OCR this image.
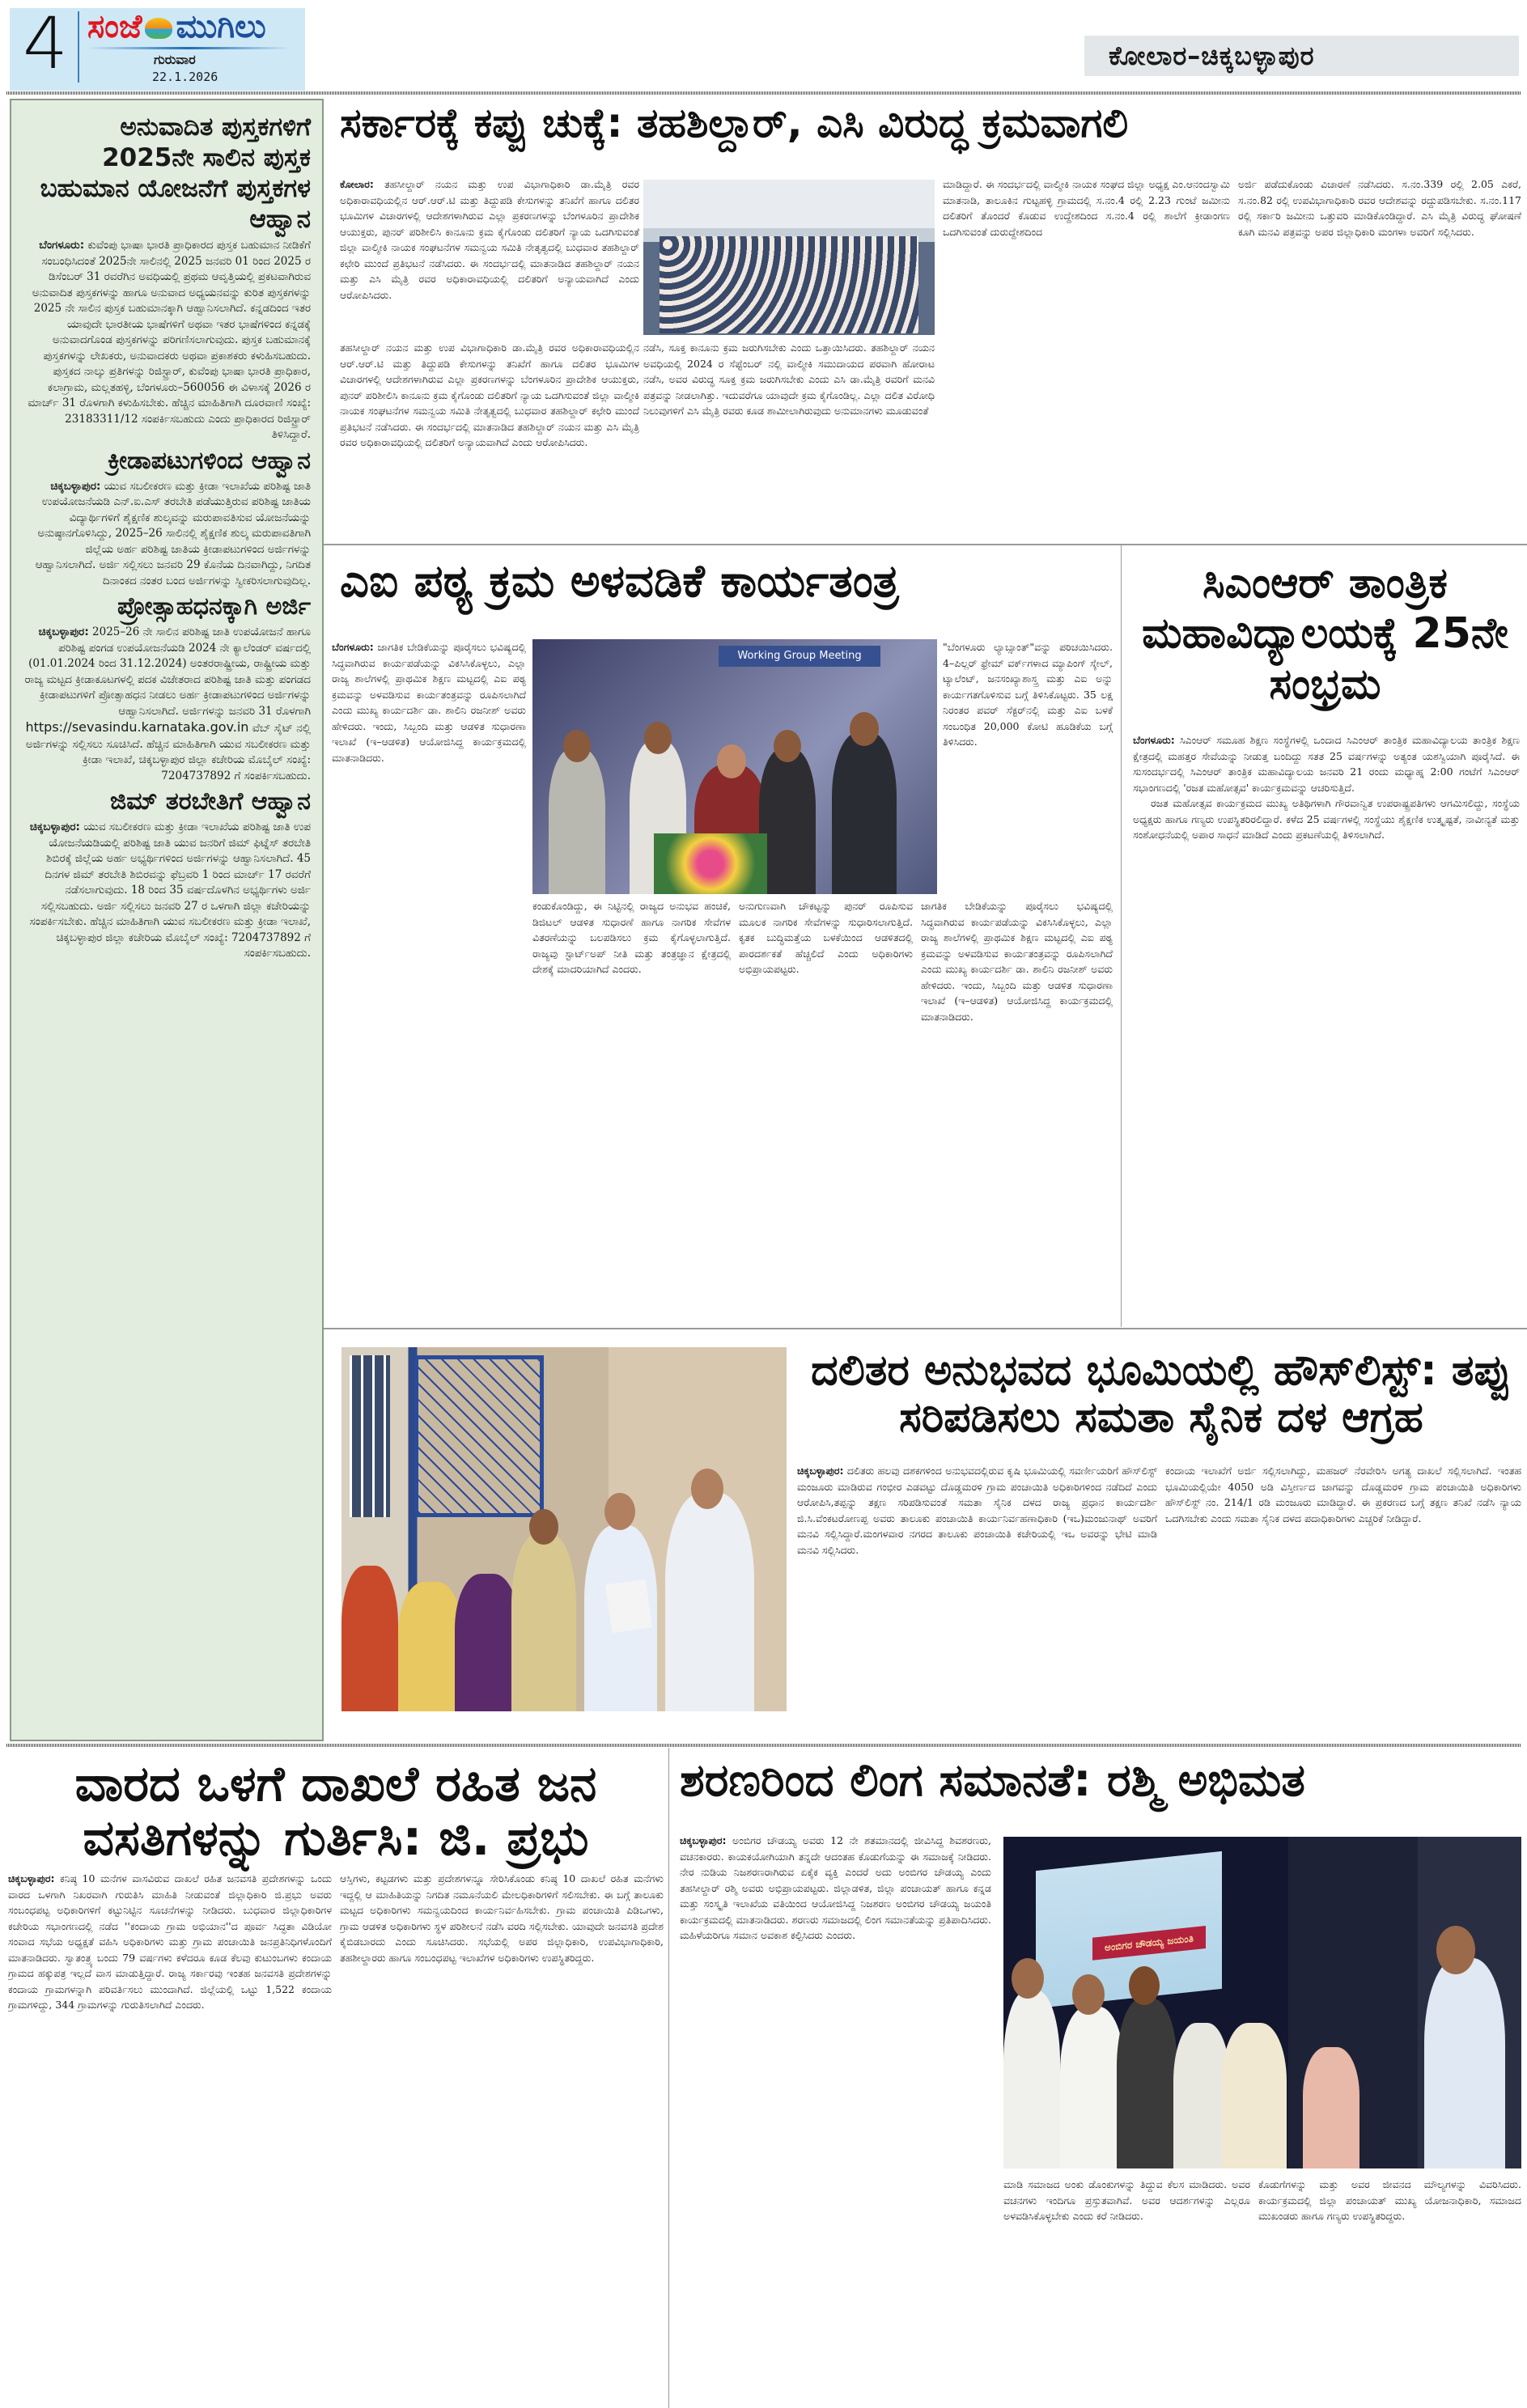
4 ಸಂಜೆ ಮುಗಿಲು
ಗುರುವಾರ
22.1.2026
ಕೋಲಾರ–ಚಿಕ್ಕಬಳ್ಳಾಪುರ
ಅನುವಾದಿತ ಪುಸ್ತಕಗಳಿಗೆ 2025ನೇ ಸಾಲಿನ ಪುಸ್ತಕ ಬಹುಮಾನ ಯೋಜನೆಗೆ ಪುಸ್ತಕಗಳ ಆಹ್ವಾನ
ಬೆಂಗಳೂರು: ಕುವೆಂಪು ಭಾಷಾ ಭಾರತಿ ಪ್ರಾಧಿಕಾರದ ಪುಸ್ತಕ ಬಹುಮಾನ ನೀಡಿಕೆಗೆ ಸಂಬಂಧಿಸಿದಂತೆ 2025ನೇ ಸಾಲಿನಲ್ಲಿ 2025 ಜನವರಿ 01 ರಿಂದ 2025 ರ ಡಿಸೆಂಬರ್ 31 ರವರೆಗಿನ ಅವಧಿಯಲ್ಲಿ ಪ್ರಥಮ ಆವೃತ್ತಿಯಲ್ಲಿ ಪ್ರಕಟವಾಗಿರುವ ಅನುವಾದಿತ ಪುಸ್ತಕಗಳನ್ನು ಹಾಗೂ ಅನುವಾದ ಅಧ್ಯಯನವನ್ನು ಕುರಿತ ಪುಸ್ತಕಗಳನ್ನು 2025 ನೇ ಸಾಲಿನ ಪುಸ್ತಕ ಬಹುಮಾನಕ್ಕಾಗಿ ಆಹ್ವಾನಿಸಲಾಗಿದೆ. ಕನ್ನಡದಿಂದ ಇತರ ಯಾವುದೇ ಭಾರತೀಯ ಭಾಷೆಗಳಿಗೆ ಅಥವಾ ಇತರ ಭಾಷೆಗಳಿಂದ ಕನ್ನಡಕ್ಕೆ ಅನುವಾದಗೊಂಡ ಪುಸ್ತಕಗಳನ್ನು ಪರಿಗಣಿಸಲಾಗುವುದು. ಪುಸ್ತಕ ಬಹುಮಾನಕ್ಕೆ ಪುಸ್ತಕಗಳನ್ನು ಲೇಖಕರು, ಅನುವಾದಕರು ಅಥವಾ ಪ್ರಕಾಶಕರು ಕಳುಹಿಸಬಹುದು. ಪುಸ್ತಕದ ನಾಲ್ಕು ಪ್ರತಿಗಳನ್ನು ರಿಜಿಸ್ಟ್ರಾರ್, ಕುವೆಂಪು ಭಾಷಾ ಭಾರತಿ ಪ್ರಾಧಿಕಾರ, ಕಲಾಗ್ರಾಮ, ಮಲ್ಲತಹಳ್ಳಿ, ಬೆಂಗಳೂರು–560056 ಈ ವಿಳಾಸಕ್ಕೆ 2026 ರ ಮಾರ್ಚ್ 31 ರೊಳಗಾಗಿ ಕಳುಹಿಸಬೇಕು. ಹೆಚ್ಚಿನ ಮಾಹಿತಿಗಾಗಿ ದೂರವಾಣಿ ಸಂಖ್ಯೆ: 23183311/12 ಸಂಪರ್ಕಿಸಬಹುದು ಎಂದು ಪ್ರಾಧಿಕಾರದ ರಿಜಿಸ್ಟ್ರಾರ್ ತಿಳಿಸಿದ್ದಾರೆ.
ಕ್ರೀಡಾಪಟುಗಳಿಂದ ಆಹ್ವಾನ
ಚಿಕ್ಕಬಳ್ಳಾಪುರ: ಯುವ ಸಬಲೀಕರಣ ಮತ್ತು ಕ್ರೀಡಾ ಇಲಾಖೆಯ ಪರಿಶಿಷ್ಟ ಜಾತಿ ಉಪಯೋಜನೆಯಡಿ ಎನ್.ಐ.ಎಸ್ ತರಬೇತಿ ಪಡೆಯುತ್ತಿರುವ ಪರಿಶಿಷ್ಟ ಜಾತಿಯ ವಿದ್ಯಾರ್ಥಿಗಳಿಗೆ ಶೈಕ್ಷಣಿಕ ಶುಲ್ಕವನ್ನು ಮರುಪಾವತಿಸುವ ಯೋಜನೆಯನ್ನು ಅನುಷ್ಠಾನಗೊಳಿಸಿದ್ದು, 2025–26 ಸಾಲಿನಲ್ಲಿ ಶೈಕ್ಷಣಿಕ ಶುಲ್ಕ ಮರುಪಾವತಿಗಾಗಿ ಜಿಲ್ಲೆಯ ಅರ್ಹ ಪರಿಶಿಷ್ಟ ಜಾತಿಯ ಕ್ರೀಡಾಪಟುಗಳಿಂದ ಅರ್ಜಿಗಳನ್ನು ಆಹ್ವಾನಿಸಲಾಗಿದೆ. ಅರ್ಜಿ ಸಲ್ಲಿಸಲು ಜನವರಿ 29 ಕೊನೆಯ ದಿನವಾಗಿದ್ದು, ನಿಗದಿತ ದಿನಾಂಕದ ನಂತರ ಬಂದ ಅರ್ಜಿಗಳನ್ನು ಸ್ವೀಕರಿಸಲಾಗುವುದಿಲ್ಲ.
ಪ್ರೋತ್ಸಾಹಧನಕ್ಕಾಗಿ ಅರ್ಜಿ
ಚಿಕ್ಕಬಳ್ಳಾಪುರ: 2025–26 ನೇ ಸಾಲಿನ ಪರಿಶಿಷ್ಟ ಜಾತಿ ಉಪಯೋಜನೆ ಹಾಗೂ ಪರಿಶಿಷ್ಟ ಪಂಗಡ ಉಪಯೋಜನೆಯಡಿ 2024 ನೇ ಕ್ಯಾಲೆಂಡರ್ ವರ್ಷದಲ್ಲಿ (01.01.2024 ರಿಂದ 31.12.2024) ಅಂತರರಾಷ್ಟ್ರೀಯ, ರಾಷ್ಟ್ರೀಯ ಮತ್ತು ರಾಜ್ಯ ಮಟ್ಟದ ಕ್ರೀಡಾಕೂಟಗಳಲ್ಲಿ ಪದಕ ವಿಜೇತರಾದ ಪರಿಶಿಷ್ಟ ಜಾತಿ ಮತ್ತು ಪಂಗಡದ ಕ್ರೀಡಾಪಟುಗಳಿಗೆ ಪ್ರೋತ್ಸಾಹಧನ ನೀಡಲು ಅರ್ಹ ಕ್ರೀಡಾಪಟುಗಳಿಂದ ಅರ್ಜಿಗಳನ್ನು ಆಹ್ವಾನಿಸಲಾಗಿದೆ. ಅರ್ಜಿಗಳನ್ನು ಜನವರಿ 31 ರೊಳಗಾಗಿ https://sevasindu.karnataka.gov.in ವೆಬ್ ಸೈಟ್ ನಲ್ಲಿ ಅರ್ಜಿಗಳನ್ನು ಸಲ್ಲಿಸಲು ಸೂಚಿಸಿದೆ. ಹೆಚ್ಚಿನ ಮಾಹಿತಿಗಾಗಿ ಯುವ ಸಬಲೀಕರಣ ಮತ್ತು ಕ್ರೀಡಾ ಇಲಾಖೆ, ಚಿಕ್ಕಬಳ್ಳಾಪುರ ಜಿಲ್ಲಾ ಕಚೇರಿಯ ಮೊಬೈಲ್ ಸಂಖ್ಯೆ: 7204737892 ಗೆ ಸಂಪರ್ಕಿಸಬಹುದು.
ಜಿಮ್ ತರಬೇತಿಗೆ ಆಹ್ವಾನ
ಚಿಕ್ಕಬಳ್ಳಾಪುರ: ಯುವ ಸಬಲೀಕರಣ ಮತ್ತು ಕ್ರೀಡಾ ಇಲಾಖೆಯ ಪರಿಶಿಷ್ಟ ಜಾತಿ ಉಪ ಯೋಜನೆಯಡಿಯಲ್ಲಿ ಪರಿಶಿಷ್ಟ ಜಾತಿ ಯುವ ಜನರಿಗೆ ಜಿಮ್ ಫಿಟ್ನೆಸ್ ತರಬೇತಿ ಶಿಬಿರಕ್ಕೆ ಜಿಲ್ಲೆಯ ಅರ್ಹ ಅಭ್ಯರ್ಥಿಗಳಿಂದ ಅರ್ಜಿಗಳನ್ನು ಆಹ್ವಾನಿಸಲಾಗಿದೆ. 45 ದಿನಗಳ ಜಿಮ್ ತರಬೇತಿ ಶಿಬಿರವನ್ನು ಫೆಬ್ರವರಿ 1 ರಿಂದ ಮಾರ್ಚ್ 17 ರವರೆಗೆ ನಡೆಸಲಾಗುವುದು. 18 ರಿಂದ 35 ವರ್ಷದೊಳಗಿನ ಅಭ್ಯರ್ಥಿಗಳು ಅರ್ಜಿ ಸಲ್ಲಿಸಬಹುದು. ಅರ್ಜಿ ಸಲ್ಲಿಸಲು ಜನವರಿ 27 ರ ಒಳಗಾಗಿ ಜಿಲ್ಲಾ ಕಚೇರಿಯನ್ನು ಸಂಪರ್ಕಿಸಬೇಕು. ಹೆಚ್ಚಿನ ಮಾಹಿತಿಗಾಗಿ ಯುವ ಸಬಲೀಕರಣ ಮತ್ತು ಕ್ರೀಡಾ ಇಲಾಖೆ, ಚಿಕ್ಕಬಳ್ಳಾಪುರ ಜಿಲ್ಲಾ ಕಚೇರಿಯ ಮೊಬೈಲ್ ಸಂಖ್ಯೆ: 7204737892 ಗೆ ಸಂಪರ್ಕಿಸಬಹುದು.
ಸರ್ಕಾರಕ್ಕೆ ಕಪ್ಪು ಚುಕ್ಕೆ: ತಹಶಿಲ್ದಾರ್, ಎಸಿ ವಿರುದ್ಧ ಕ್ರಮವಾಗಲಿ
ಕೋಲಾರ: ತಹಸೀಲ್ದಾರ್ ನಯನ ಮತ್ತು ಉಪ ವಿಭಾಗಾಧಿಕಾರಿ ಡಾ.ಮೈತ್ರಿ ರವರ ಅಧಿಕಾರಾವಧಿಯಲ್ಲಿನ ಆರ್.ಆರ್.ಟಿ ಮತ್ತು ತಿದ್ದುಪಡಿ ಕೇಸುಗಳನ್ನು ತನಿಖೆಗೆ ಹಾಗೂ ದಲಿತರ ಭೂಮಿಗಳ ವಿಚಾರಗಳಲ್ಲಿ ಆದೇಶಗಳಾಗಿರುವ ಎಲ್ಲಾ ಪ್ರಕರಣಗಳನ್ನು ಬೆಂಗಳೂರಿನ ಪ್ರಾದೇಶಿಕ ಆಯುಕ್ತರು, ಪುನರ್ ಪರಿಶೀಲಿಸಿ ಕಾನೂನು ಕ್ರಮ ಕೈಗೊಂಡು ದಲಿತರಿಗೆ ನ್ಯಾಯ ಒದಗಿಸುವಂತೆ ಜಿಲ್ಲಾ ವಾಲ್ಮೀಕಿ ನಾಯಕ ಸಂಘಟನೆಗಳ ಸಮನ್ವಯ ಸಮಿತಿ ನೇತೃತ್ವದಲ್ಲಿ ಬುಧವಾರ ತಹಶಿಲ್ದಾರ್ ಕಛೇರಿ ಮುಂದೆ ಪ್ರತಿಭಟನೆ ನಡೆಸಿದರು. ಈ ಸಂದರ್ಭದಲ್ಲಿ ಮಾತನಾಡಿದ ತಹಶಿಲ್ದಾರ್ ನಯನ ಮತ್ತು ಎಸಿ ಮೈತ್ರಿ ರವರ ಅಧಿಕಾರಾವಧಿಯಲ್ಲಿ ದಲಿತರಿಗೆ ಅನ್ಯಾಯವಾಗಿದೆ ಎಂದು ಆರೋಪಿಸಿದರು.
ತಹಸೀಲ್ದಾರ್ ನಯನ ಮತ್ತು ಉಪ ವಿಭಾಗಾಧಿಕಾರಿ ಡಾ.ಮೈತ್ರಿ ರವರ ಅಧಿಕಾರಾವಧಿಯಲ್ಲಿನ ಆರ್.ಆರ್.ಟಿ ಮತ್ತು ತಿದ್ದುಪಡಿ ಕೇಸುಗಳನ್ನು ತನಿಖೆಗೆ ಹಾಗೂ ದಲಿತರ ಭೂಮಿಗಳ ವಿಚಾರಗಳಲ್ಲಿ ಆದೇಶಗಳಾಗಿರುವ ಎಲ್ಲಾ ಪ್ರಕರಣಗಳನ್ನು ಬೆಂಗಳೂರಿನ ಪ್ರಾದೇಶಿಕ ಆಯುಕ್ತರು, ಪುನರ್ ಪರಿಶೀಲಿಸಿ ಕಾನೂನು ಕ್ರಮ ಕೈಗೊಂಡು ದಲಿತರಿಗೆ ನ್ಯಾಯ ಒದಗಿಸುವಂತೆ ಜಿಲ್ಲಾ ವಾಲ್ಮೀಕಿ ನಾಯಕ ಸಂಘಟನೆಗಳ ಸಮನ್ವಯ ಸಮಿತಿ ನೇತೃತ್ವದಲ್ಲಿ ಬುಧವಾರ ತಹಶಿಲ್ದಾರ್ ಕಛೇರಿ ಮುಂದೆ ಪ್ರತಿಭಟನೆ ನಡೆಸಿದರು. ಈ ಸಂದರ್ಭದಲ್ಲಿ ಮಾತನಾಡಿದ ತಹಶಿಲ್ದಾರ್ ನಯನ ಮತ್ತು ಎಸಿ ಮೈತ್ರಿ ರವರ ಅಧಿಕಾರಾವಧಿಯಲ್ಲಿ ದಲಿತರಿಗೆ ಅನ್ಯಾಯವಾಗಿದೆ ಎಂದು ಆರೋಪಿಸಿದರು.
ನಡೆಸಿ, ಸೂಕ್ತ ಕಾನೂನು ಕ್ರಮ ಜರುಗಿಸಬೇಕು ಎಂದು ಒತ್ತಾಯಿಸಿದರು. ತಹಶಿಲ್ದಾರ್ ನಯನ ಅವಧಿಯಲ್ಲಿ 2024 ರ ಸೆಪ್ಟೆಂಬರ್ ನಲ್ಲಿ ವಾಲ್ಮೀಕಿ ಸಮುದಾಯದ ಪರವಾಗಿ ಹೋರಾಟ ನಡೆಸಿ, ಅವರ ವಿರುದ್ಧ ಸೂಕ್ತ ಕ್ರಮ ಜರುಗಿಸಬೇಕು ಎಂದು ಎಸಿ ಡಾ.ಮೈತ್ರಿ ರವರಿಗೆ ಮನವಿ ಪತ್ರವನ್ನು ನೀಡಲಾಗಿತ್ತು. ಇದುವರೆಗೂ ಯಾವುದೇ ಕ್ರಮ ಕೈಗೊಂಡಿಲ್ಲ. ಎಲ್ಲಾ ದಲಿತ ವಿರೋಧಿ ನಿಲುವುಗಳಿಗೆ ಎಸಿ ಮೈತ್ರಿ ರವರು ಕೂಡ ಶಾಮೀಲಾಗಿರುವುದು ಅನುಮಾನಗಳು ಮೂಡುವಂತೆ
ಮಾಡಿದ್ದಾರೆ. ಈ ಸಂದರ್ಭದಲ್ಲಿ ವಾಲ್ಮೀಕಿ ನಾಯಕ ಸಂಘದ ಜಿಲ್ಲಾ ಅಧ್ಯಕ್ಷ ಎಂ.ಆನಂದಸ್ವಾಮಿ ಮಾತನಾಡಿ, ತಾಲೂಕಿನ ಗುಟ್ಟಹಳ್ಳಿ ಗ್ರಾಮದಲ್ಲಿ ಸ.ನಂ.4 ರಲ್ಲಿ 2.23 ಗುಂಟೆ ಜಮೀನು ದಲಿತರಿಗೆ ತೊಂದರೆ ಕೊಡುವ ಉದ್ದೇಶದಿಂದ ಸ.ನಂ.4 ರಲ್ಲಿ ಶಾಲೆಗೆ ಕ್ರೀಡಾಂಗಣ ಒದಗಿಸುವಂತೆ ದುರುದ್ದೇಶದಿಂದ
ಅರ್ಜಿ ಪಡೆದುಕೊಂಡು ವಿಚಾರಣೆ ನಡೆಸಿದರು. ಸ.ನಂ.339 ರಲ್ಲಿ 2.05 ಎಕರೆ, ಸ.ನಂ.82 ರಲ್ಲಿ ಉಪವಿಭಾಗಾಧಿಕಾರಿ ರವರ ಆದೇಶವನ್ನು ರದ್ದುಪಡಿಸಬೇಕು. ಸ.ನಂ.117 ರಲ್ಲಿ ಸರ್ಕಾರಿ ಜಮೀನು ಒತ್ತುವರಿ ಮಾಡಿಕೊಂಡಿದ್ದಾರೆ. ಎಸಿ ಮೈತ್ರಿ ವಿರುದ್ಧ ಘೋಷಣೆ ಕೂಗಿ ಮನವಿ ಪತ್ರವನ್ನು ಅಪರ ಜಿಲ್ಲಾಧಿಕಾರಿ ಮಂಗಳಾ ಅವರಿಗೆ ಸಲ್ಲಿಸಿದರು.
ಎಐ ಪಠ್ಯ ಕ್ರಮ ಅಳವಡಿಕೆ ಕಾರ್ಯತಂತ್ರ
ಬೆಂಗಳೂರು: ಜಾಗತಿಕ ಬೇಡಿಕೆಯನ್ನು ಪೂರೈಸಲು ಭವಿಷ್ಯದಲ್ಲಿ ಸಿದ್ಧವಾಗಿರುವ ಕಾರ್ಯಪಡೆಯನ್ನು ವಿಕಸಿಸಿಕೊಳ್ಳಲು, ಎಲ್ಲಾ ರಾಜ್ಯ ಶಾಲೆಗಳಲ್ಲಿ ಪ್ರಾಥಮಿಕ ಶಿಕ್ಷಣ ಮಟ್ಟದಲ್ಲಿ ಎಐ ಪಠ್ಯ ಕ್ರಮವನ್ನು ಅಳವಡಿಸುವ ಕಾರ್ಯತಂತ್ರವನ್ನು ರೂಪಿಸಲಾಗಿದೆ ಎಂದು ಮುಖ್ಯ ಕಾರ್ಯದರ್ಶಿ ಡಾ. ಶಾಲಿನಿ ರಜನೀಶ್ ಅವರು ಹೇಳಿದರು. ಇಂದು, ಸಿಬ್ಬಂದಿ ಮತ್ತು ಆಡಳಿತ ಸುಧಾರಣಾ ಇಲಾಖೆ (ಇ–ಆಡಳಿತ) ಆಯೋಜಿಸಿದ್ದ ಕಾರ್ಯಕ್ರಮದಲ್ಲಿ ಮಾತನಾಡಿದರು.
Working Group Meeting
"ಬೆಂಗಳೂರು ಲ್ಯಾಬ್ಸಾಂತ್"ವನ್ನು ಪರಿಚಯಿಸಿದರು. 4–ಪಿಲ್ಲರ್ ಫ್ರೇಮ್ ವರ್ಕ್‌ಗಳಾದ ಮ್ಯಾಪಿಂಗ್ ಸ್ಕೇಲ್, ಟ್ಯಾಲೆಂಟ್, ಜನಸಂಖ್ಯಾಶಾಸ್ತ್ರ ಮತ್ತು ಎಐ ಅನ್ನು ಕಾರ್ಯಗತಗೊಳಿಸುವ ಬಗ್ಗೆ ತಿಳಿಸಿಕೊಟ್ಟರು. 35 ಲಕ್ಷ ನಿರಂತರ ಪವರ್ ಸೆಕ್ಟರ್‌ನಲ್ಲಿ ಮತ್ತು ಎಐ ಬಳಕೆ ಸಂಬಂಧಿತ 20,000 ಕೋಟಿ ಹೂಡಿಕೆಯ ಬಗ್ಗೆ ತಿಳಿಸಿದರು.
ಕಂಡುಕೊಂಡಿದ್ದು, ಈ ನಿಟ್ಟಿನಲ್ಲಿ ರಾಜ್ಯದ ಅನುಭವ ಹಂಚಿಕೆ, ಡಿಜಿಟಲ್ ಆಡಳಿತ ಸುಧಾರಣೆ ಹಾಗೂ ನಾಗರಿಕ ಸೇವೆಗಳ ವಿತರಣೆಯನ್ನು ಬಲಪಡಿಸಲು ಕ್ರಮ ಕೈಗೊಳ್ಳಲಾಗುತ್ತಿದೆ. ರಾಜ್ಯವು ಸ್ಟಾರ್ಟ್‌ಅಪ್ ನೀತಿ ಮತ್ತು ತಂತ್ರಜ್ಞಾನ ಕ್ಷೇತ್ರದಲ್ಲಿ ದೇಶಕ್ಕೆ ಮಾದರಿಯಾಗಿದೆ ಎಂದರು.
ಅನುಗುಣವಾಗಿ ಚೌಕಟ್ಟನ್ನು ಪುನರ್ ರೂಪಿಸುವ ಮೂಲಕ ನಾಗರಿಕ ಸೇವೆಗಳನ್ನು ಸುಧಾರಿಸಲಾಗುತ್ತಿದೆ. ಕೃತಕ ಬುದ್ಧಿಮತ್ತೆಯ ಬಳಕೆಯಿಂದ ಆಡಳಿತದಲ್ಲಿ ಪಾರದರ್ಶಕತೆ ಹೆಚ್ಚಲಿದೆ ಎಂದು ಅಧಿಕಾರಿಗಳು ಅಭಿಪ್ರಾಯಪಟ್ಟರು.
ಜಾಗತಿಕ ಬೇಡಿಕೆಯನ್ನು ಪೂರೈಸಲು ಭವಿಷ್ಯದಲ್ಲಿ ಸಿದ್ಧವಾಗಿರುವ ಕಾರ್ಯಪಡೆಯನ್ನು ವಿಕಸಿಸಿಕೊಳ್ಳಲು, ಎಲ್ಲಾ ರಾಜ್ಯ ಶಾಲೆಗಳಲ್ಲಿ ಪ್ರಾಥಮಿಕ ಶಿಕ್ಷಣ ಮಟ್ಟದಲ್ಲಿ ಎಐ ಪಠ್ಯ ಕ್ರಮವನ್ನು ಅಳವಡಿಸುವ ಕಾರ್ಯತಂತ್ರವನ್ನು ರೂಪಿಸಲಾಗಿದೆ ಎಂದು ಮುಖ್ಯ ಕಾರ್ಯದರ್ಶಿ ಡಾ. ಶಾಲಿನಿ ರಜನೀಶ್ ಅವರು ಹೇಳಿದರು. ಇಂದು, ಸಿಬ್ಬಂದಿ ಮತ್ತು ಆಡಳಿತ ಸುಧಾರಣಾ ಇಲಾಖೆ (ಇ–ಆಡಳಿತ) ಆಯೋಜಿಸಿದ್ದ ಕಾರ್ಯಕ್ರಮದಲ್ಲಿ ಮಾತನಾಡಿದರು.
ಸಿಎಂಆರ್ ತಾಂತ್ರಿಕ ಮಹಾವಿದ್ಯಾಲಯಕ್ಕೆ 25ನೇ ಸಂಭ್ರಮ
ಬೆಂಗಳೂರು: ಸಿಎಂಆರ್ ಸಮೂಹ ಶಿಕ್ಷಣ ಸಂಸ್ಥೆಗಳಲ್ಲಿ ಒಂದಾದ ಸಿಎಂಆರ್ ತಾಂತ್ರಿಕ ಮಹಾವಿದ್ಯಾಲಯ ತಾಂತ್ರಿಕ ಶಿಕ್ಷಣ ಕ್ಷೇತ್ರದಲ್ಲಿ ಮಹತ್ತರ ಸೇವೆಯನ್ನು ನೀಡುತ್ತ ಬಂದಿದ್ದು ಸತತ 25 ವರ್ಷಗಳನ್ನು ಅತ್ಯಂತ ಯಶಸ್ವಿಯಾಗಿ ಪೂರೈಸಿದೆ. ಈ ಸುಸಂದರ್ಭದಲ್ಲಿ ಸಿಎಂಆರ್ ತಾಂತ್ರಿಕ ಮಹಾವಿದ್ಯಾಲಯ ಜನವರಿ 21 ರಂದು ಮಧ್ಯಾಹ್ನ 2:00 ಗಂಟೆಗೆ ಸಿಎಂಆರ್ ಸಭಾಂಗಣದಲ್ಲಿ 'ರಜತ ಮಹೋತ್ಸವ' ಕಾರ್ಯಕ್ರಮವನ್ನು ಆಚರಿಸುತ್ತಿದೆ.
ರಜತ ಮಹೋತ್ಸವ ಕಾರ್ಯಕ್ರಮದ ಮುಖ್ಯ ಅತಿಥಿಗಳಾಗಿ ಗೌರವಾನ್ವಿತ ಉಪರಾಷ್ಟ್ರಪತಿಗಳು ಆಗಮಿಸಲಿದ್ದು, ಸಂಸ್ಥೆಯ ಅಧ್ಯಕ್ಷರು ಹಾಗೂ ಗಣ್ಯರು ಉಪಸ್ಥಿತರಿರಲಿದ್ದಾರೆ. ಕಳೆದ 25 ವರ್ಷಗಳಲ್ಲಿ ಸಂಸ್ಥೆಯು ಶೈಕ್ಷಣಿಕ ಉತ್ಕೃಷ್ಟತೆ, ನಾವೀನ್ಯತೆ ಮತ್ತು ಸಂಶೋಧನೆಯಲ್ಲಿ ಅಪಾರ ಸಾಧನೆ ಮಾಡಿದೆ ಎಂದು ಪ್ರಕಟಣೆಯಲ್ಲಿ ತಿಳಿಸಲಾಗಿದೆ.
ದಲಿತರ ಅನುಭವದ ಭೂಮಿಯಲ್ಲಿ ಹೌಸ್‌ಲಿಸ್ಟ್: ತಪ್ಪು ಸರಿಪಡಿಸಲು ಸಮತಾ ಸೈನಿಕ ದಳ ಆಗ್ರಹ
ಚಿಕ್ಕಬಳ್ಳಾಪುರ: ದಲಿತರು ಹಲವು ದಶಕಗಳಿಂದ ಅನುಭವದಲ್ಲಿರುವ ಕೃಷಿ ಭೂಮಿಯಲ್ಲಿ ಸವರ್ಣೀಯರಿಗೆ ಹೌಸ್‌ಲಿಸ್ಟ್ ಮಂಜೂರು ಮಾಡಿರುವ ಗಂಭೀರ ಎಡವಟ್ಟು ದೊಡ್ಡಮರಳಿ ಗ್ರಾಮ ಪಂಚಾಯಿತಿ ಅಧಿಕಾರಿಗಳಿಂದ ನಡೆದಿದೆ ಎಂದು ಆರೋಪಿಸಿ,ತಪ್ಪನ್ನು ತಕ್ಷಣ ಸರಿಪಡಿಸುವಂತೆ ಸಮತಾ ಸೈನಿಕ ದಳದ ರಾಜ್ಯ ಪ್ರಧಾನ ಕಾರ್ಯದರ್ಶಿ ಜಿ.ಸಿ.ವೆಂಕಟರೋಣಪ್ಪ ಅವರು ತಾಲೂಕು ಪಂಚಾಯಿತಿ ಕಾರ್ಯನಿರ್ವಹಣಾಧಿಕಾರಿ (ಇಒ)ಮಂಜುನಾಥ್ ಅವರಿಗೆ ಮನವಿ ಸಲ್ಲಿಸಿದ್ದಾರೆ.ಮಂಗಳವಾರ ನಗರದ ತಾಲೂಕು ಪಂಚಾಯಿತಿ ಕಚೇರಿಯಲ್ಲಿ ಇಒ ಅವರನ್ನು ಭೇಟಿ ಮಾಡಿ ಮನವಿ ಸಲ್ಲಿಸಿದರು.
ಕಂದಾಯ ಇಲಾಖೆಗೆ ಅರ್ಜಿ ಸಲ್ಲಿಸಲಾಗಿದ್ದು, ಮಹಜರ್ ನೆರವೇರಿಸಿ ಅಗತ್ಯ ದಾಖಲೆ ಸಲ್ಲಿಸಲಾಗಿದೆ. ಇಂತಹ ಭೂಮಿಯಲ್ಲಿಯೇ 4050 ಅಡಿ ವಿಸ್ತೀರ್ಣದ ಜಾಗವನ್ನು ದೊಡ್ಡಮರಳಿ ಗ್ರಾಮ ಪಂಚಾಯಿತಿ ಅಧಿಕಾರಿಗಳು ಹೌಸ್‌ಲಿಸ್ಟ್ ನಂ. 214/1 ರಡಿ ಮಂಜೂರು ಮಾಡಿದ್ದಾರೆ. ಈ ಪ್ರಕರಣದ ಬಗ್ಗೆ ತಕ್ಷಣ ತನಿಖೆ ನಡೆಸಿ ನ್ಯಾಯ ಒದಗಿಸಬೇಕು ಎಂದು ಸಮತಾ ಸೈನಿಕ ದಳದ ಪದಾಧಿಕಾರಿಗಳು ಎಚ್ಚರಿಕೆ ನೀಡಿದ್ದಾರೆ.
ವಾರದ ಒಳಗೆ ದಾಖಲೆ ರಹಿತ ಜನ ವಸತಿಗಳನ್ನು ಗುರ್ತಿಸಿ: ಜಿ. ಪ್ರಭು
ಚಿಕ್ಕಬಳ್ಳಾಪುರ: ಕನಿಷ್ಠ 10 ಮನೆಗಳ ವಾಸವಿರುವ ದಾಖಲೆ ರಹಿತ ಜನವಸತಿ ಪ್ರದೇಶಗಳನ್ನು ಒಂದು ವಾರದ ಒಳಗಾಗಿ ನಿಖರವಾಗಿ ಗುರುತಿಸಿ ಮಾಹಿತಿ ನೀಡುವಂತೆ ಜಿಲ್ಲಾಧಿಕಾರಿ ಜಿ.ಪ್ರಭು ಅವರು ಸಂಬಂಧಪಟ್ಟ ಅಧಿಕಾರಿಗಳಿಗೆ ಕಟ್ಟುನಿಟ್ಟಿನ ಸೂಚನೆಗಳನ್ನು ನೀಡಿದರು. ಬುಧವಾರ ಜಿಲ್ಲಾಧಿಕಾರಿಗಳ ಕಚೇರಿಯ ಸಭಾಂಗಣದಲ್ಲಿ ನಡೆದ ''ಕಂದಾಯ ಗ್ರಾಮ ಅಭಿಯಾನ''ದ ಪೂರ್ವ ಸಿದ್ಧತಾ ವಿಡಿಯೋ ಸಂವಾದ ಸಭೆಯ ಅಧ್ಯಕ್ಷತೆ ವಹಿಸಿ ಅಧಿಕಾರಿಗಳು ಮತ್ತು ಗ್ರಾಮ ಪಂಚಾಯಿತಿ ಜನಪ್ರತಿನಿಧಿಗಳೊಂದಿಗೆ ಮಾತನಾಡಿದರು. ಸ್ವಾತಂತ್ರ್ಯ ಬಂದು 79 ವರ್ಷಗಳು ಕಳೆದರೂ ಕೂಡ ಕೆಲವು ಕುಟುಂಬಗಳು ಕಂದಾಯ ಗ್ರಾಮದ ಹಕ್ಕುಪತ್ರ ಇಲ್ಲದೆ ವಾಸ ಮಾಡುತ್ತಿದ್ದಾರೆ. ರಾಜ್ಯ ಸರ್ಕಾರವು ಇಂತಹ ಜನವಸತಿ ಪ್ರದೇಶಗಳನ್ನು ಕಂದಾಯ ಗ್ರಾಮಗಳನ್ನಾಗಿ ಪರಿವರ್ತಿಸಲು ಮುಂದಾಗಿದೆ. ಜಿಲ್ಲೆಯಲ್ಲಿ ಒಟ್ಟು 1,522 ಕಂದಾಯ ಗ್ರಾಮಗಳಿದ್ದು, 344 ಗ್ರಾಮಗಳನ್ನು ಗುರುತಿಸಲಾಗಿದೆ ಎಂದರು.
ಆಸ್ತಿಗಳು, ಕಟ್ಟಡಗಳು ಮತ್ತು ಪ್ರದೇಶಗಳನ್ನೂ ಸೇರಿಸಿಕೊಂಡು ಕನಿಷ್ಠ 10 ದಾಖಲೆ ರಹಿತ ಮನೆಗಳು ಇದ್ದಲ್ಲಿ ಆ ಮಾಹಿತಿಯನ್ನು ನಿಗದಿತ ನಮೂನೆಯಲಿ ಮೇಲಧಿಕಾರಿಗಳಿಗೆ ಸಲಿಸಬೇಕು. ಈ ಬಗ್ಗೆ ತಾಲೂಕು ಮಟ್ಟದ ಅಧಿಕಾರಿಗಳು ಸಮನ್ವಯದಿಂದ ಕಾರ್ಯನಿರ್ವಹಿಸಬೇಕು. ಗ್ರಾಮ ಪಂಚಾಯಿತಿ ಪಿಡಿಒಗಳು, ಗ್ರಾಮ ಆಡಳಿತ ಅಧಿಕಾರಿಗಳು ಸ್ಥಳ ಪರಿಶೀಲನೆ ನಡೆಸಿ ವರದಿ ಸಲ್ಲಿಸಬೇಕು. ಯಾವುದೇ ಜನವಸತಿ ಪ್ರದೇಶ ಕೈಬಿಡಬಾರದು ಎಂದು ಸೂಚಿಸಿದರು. ಸಭೆಯಲ್ಲಿ ಅಪರ ಜಿಲ್ಲಾಧಿಕಾರಿ, ಉಪವಿಭಾಗಾಧಿಕಾರಿ, ತಹಶೀಲ್ದಾರರು ಹಾಗೂ ಸಂಬಂಧಪಟ್ಟ ಇಲಾಖೆಗಳ ಅಧಿಕಾರಿಗಳು ಉಪಸ್ಥಿತರಿದ್ದರು.
ಶರಣರಿಂದ ಲಿಂಗ ಸಮಾನತೆ: ರಶ್ಮಿ ಅಭಿಮತ
ಚಿಕ್ಕಬಳ್ಳಾಪುರ: ಅಂಬಿಗರ ಚೌಡಯ್ಯ ಅವರು 12 ನೇ ಶತಮಾನದಲ್ಲಿ ಜೀವಿಸಿದ್ದ ಶಿವಶರಣರು, ವಚನಕಾರರು. ಕಾಯಕಯೋಗಿಯಾಗಿ ತನ್ನದೇ ಆದಂತಹ ಕೊಡುಗೆಯನ್ನು ಈ ಸಮಾಜಕ್ಕೆ ನೀಡಿದರು. ನೇರ ನುಡಿಯ ನಿಜಶರಣರಾಗಿರುವ ಏಕೈಕ ವ್ಯಕ್ತಿ ಎಂದರೆ ಅದು ಅಂಬಿಗರ ಚೌಡಯ್ಯ ಎಂದು ತಹಸೀಲ್ದಾರ್ ರಶ್ಮಿ ಅವರು ಅಭಿಪ್ರಾಯಪಟ್ಟರು. ಜಿಲ್ಲಾಡಳಿತ, ಜಿಲ್ಲಾ ಪಂಚಾಯತ್ ಹಾಗೂ ಕನ್ನಡ ಮತ್ತು ಸಂಸ್ಕೃತಿ ಇಲಾಖೆಯ ವತಿಯಿಂದ ಆಯೋಜಿಸಿದ್ದ ನಿಜಶರಣ ಅಂಬಿಗರ ಚೌಡಯ್ಯ ಜಯಂತಿ ಕಾರ್ಯಕ್ರಮದಲ್ಲಿ ಮಾತನಾಡಿದರು. ಶರಣರು ಸಮಾಜದಲ್ಲಿ ಲಿಂಗ ಸಮಾನತೆಯನ್ನು ಪ್ರತಿಪಾದಿಸಿದರು. ಮಹಿಳೆಯರಿಗೂ ಸಮಾನ ಅವಕಾಶ ಕಲ್ಪಿಸಿದರು ಎಂದರು.	ಅಂಬಿಗರ ಚೌಡಯ್ಯ ಜಯಂತಿ
ಮಾಡಿ ಸಮಾಜದ ಅಂಕು ಡೊಂಕುಗಳನ್ನು ತಿದ್ದುವ ಕೆಲಸ ಮಾಡಿದರು. ಅವರ ವಚನಗಳು ಇಂದಿಗೂ ಪ್ರಸ್ತುತವಾಗಿವೆ. ಅವರ ಆದರ್ಶಗಳನ್ನು ಎಲ್ಲರೂ ಅಳವಡಿಸಿಕೊಳ್ಳಬೇಕು ಎಂದು ಕರೆ ನೀಡಿದರು.
ಕೊಡುಗೆಗಳನ್ನು ಮತ್ತು ಅವರ ಜೀವನದ ಮೌಲ್ಯಗಳನ್ನು ವಿವರಿಸಿದರು. ಕಾರ್ಯಕ್ರಮದಲ್ಲಿ ಜಿಲ್ಲಾ ಪಂಚಾಯತ್ ಮುಖ್ಯ ಯೋಜನಾಧಿಕಾರಿ, ಸಮಾಜದ ಮುಖಂಡರು ಹಾಗೂ ಗಣ್ಯರು ಉಪಸ್ಥಿತರಿದ್ದರು.
